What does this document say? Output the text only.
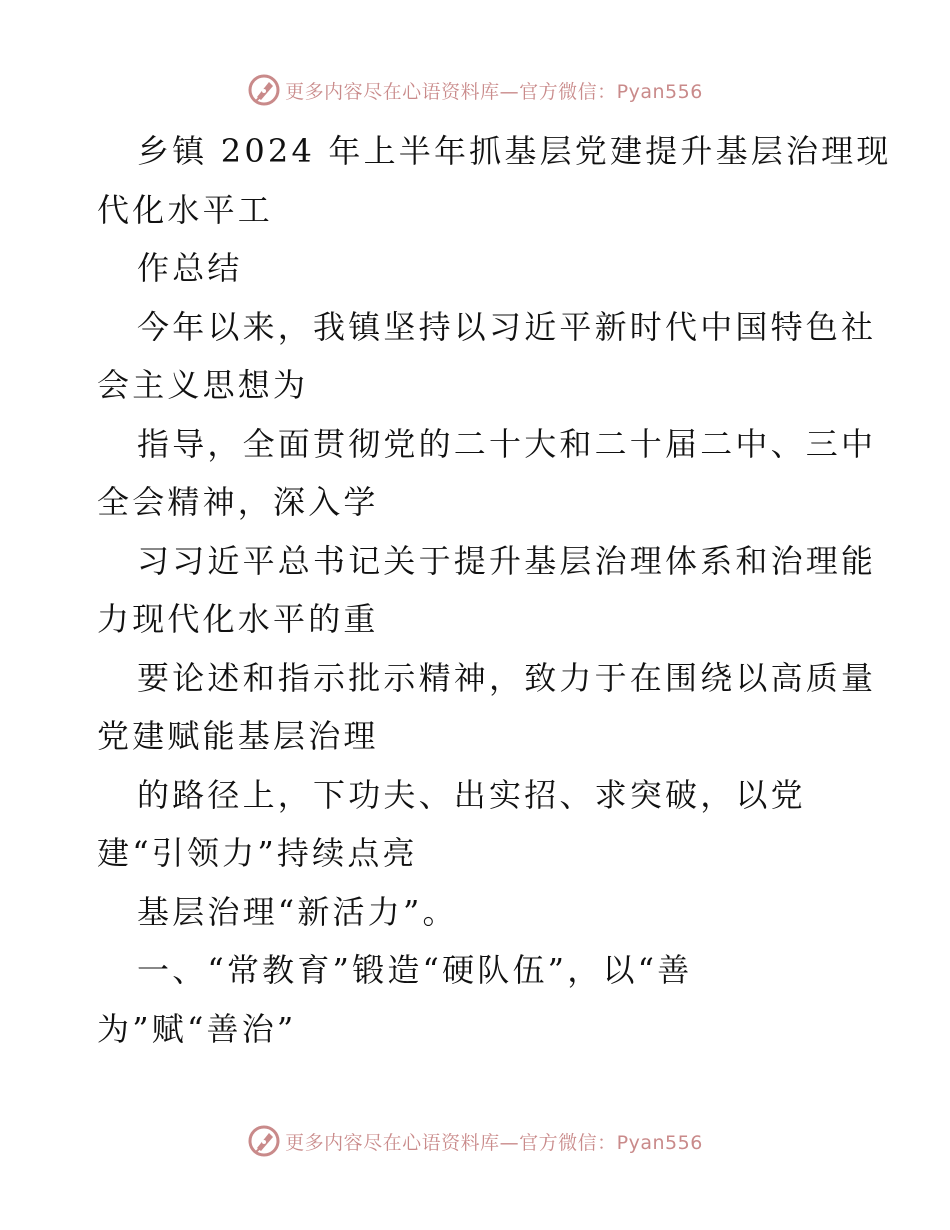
更多内容尽在心语资料库—官方微信：Pyan556
乡镇 2024 年上半年抓基层党建提升基层治理现
代化水平工
作总结
今年以来，我镇坚持以习近平新时代中国特色社
会主义思想为
指导，全面贯彻党的二十大和二十届二中、三中
全会精神，深入学
习习近平总书记关于提升基层治理体系和治理能
力现代化水平的重
要论述和指示批示精神，致力于在围绕以高质量
党建赋能基层治理
的路径上，下功夫、出实招、求突破，以党
建“引领力”持续点亮
基层治理“新活力”。
一、“常教育”锻造“硬队伍”，以“善
为”赋“善治”
更多内容尽在心语资料库—官方微信：Pyan556
